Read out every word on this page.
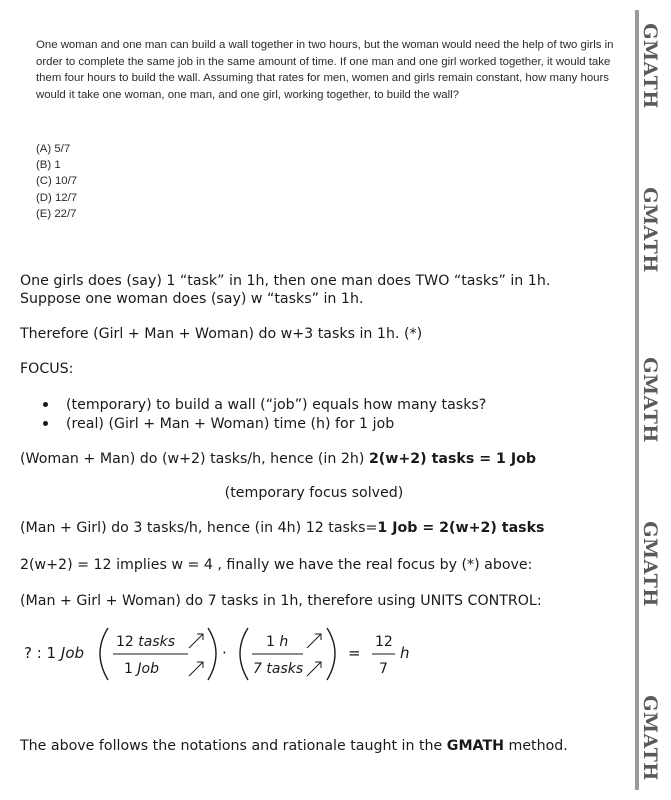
GMATH
GMATH
GMATH
GMATH
GMATH
One woman and one man can build a wall together in two hours, but the woman would need the help of two girls in order to complete the same job in the same amount of time. If one man and one girl worked together, it would take them four hours to build the wall. Assuming that rates for men, women and girls remain constant, how many hours would it take one woman, one man, and one girl, working together, to build the wall?
(A) 5/7
(B) 1
(C) 10/7
(D) 12/7
(E) 22/7
One girls does (say) 1 “task” in 1h, then one man does TWO “tasks” in 1h.
Suppose one woman does (say) w “tasks” in 1h.
Therefore (Girl + Man + Woman) do w+3 tasks in 1h. (*)
FOCUS:
(temporary) to build a wall (“job”) equals how many tasks?
(real) (Girl + Man + Woman) time (h) for 1 job
(Woman + Man) do (w+2) tasks/h, hence (in 2h) 2(w+2) tasks = 1 Job
(temporary focus solved)
(Man + Girl) do 3 tasks/h, hence (in 4h) 12 tasks=1 Job = 2(w+2) tasks
2(w+2) = 12 implies w = 4 , finally we have the real focus by (*) above:
(Man + Girl + Woman) do 7 tasks in 1h, therefore using UNITS CONTROL:
? : 1 Job
12 tasks
1 Job
·
1 h
7 tasks
=
12
7
h
The above follows the notations and rationale taught in the GMATH method.
